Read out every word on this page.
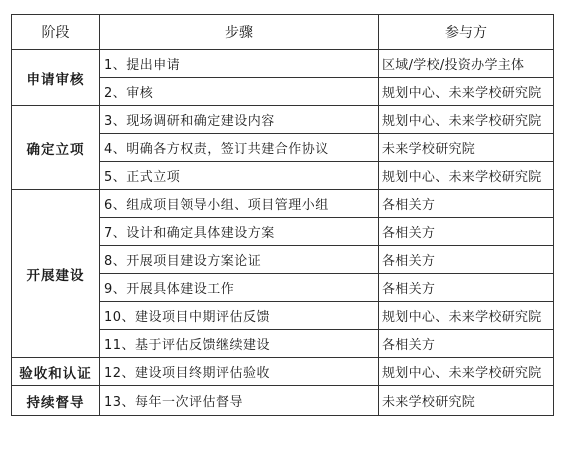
阶段	步骤	参与方
申请审核	1、提出申请	区域/学校/投资办学主体
	2、审核	规划中心、未来学校研究院
确定立项	3、现场调研和确定建设内容	规划中心、未来学校研究院
	4、明确各方权责，签订共建合作协议	未来学校研究院
	5、正式立项	规划中心、未来学校研究院
开展建设	6、组成项目领导小组、项目管理小组	各相关方
	7、设计和确定具体建设方案	各相关方
	8、开展项目建设方案论证	各相关方
	9、开展具体建设工作	各相关方
	10、建设项目中期评估反馈	规划中心、未来学校研究院
	11、基于评估反馈继续建设	各相关方
验收和认证	12、建设项目终期评估验收	规划中心、未来学校研究院
持续督导	13、每年一次评估督导	未来学校研究院
